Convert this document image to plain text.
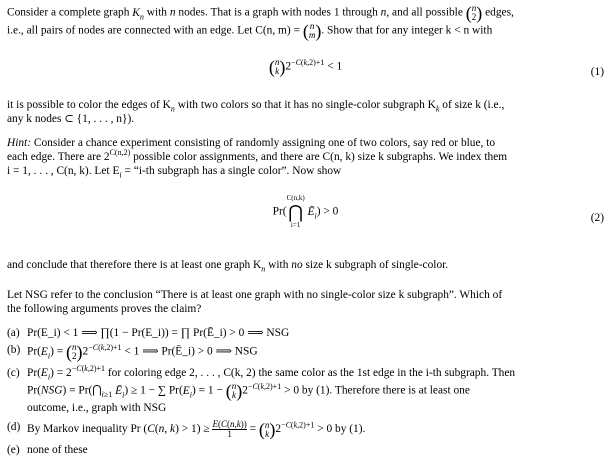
Consider a complete graph $K_n$ with n nodes. That is a graph with nodes 1 through n, and all possible ( n
2 ) edges,
i.e., all pairs of nodes are connected with an edge. Let C(n, m) = ( n
m ). Show that for any integer k < n with
( n
k )$2^{-C(k,2)+1} < 1$	(1)
it is possible to color the edges of $K_n$ with two colors so that it has no single-color subgraph $K_k$ of size k (i.e.,
any k nodes ⊂ {1, . . . , n}).
Hint: Consider a chance experiment consisting of randomly assigning one of two colors, say red or blue, to
each edge. There are $2^{C(n,2)}$ possible color assignments, and there are C(n, k) size k subgraphs. We index them
i = 1, . . . , C(n, k). Let $E_i$ = “i-th subgraph has a single color”. Now show
Pr(
C(n,k)
⋂
i=1
$Ē_i) > 0$
(2)
and conclude that therefore there is at least one graph $K_n$ with no size k subgraph of single-color.
Let NSG refer to the conclusion “There is at least one graph with no single-color size k subgraph”. Which of
the following arguments proves the claim?
(a) Pr(E_i) < 1 ⟹ ∏(1 − Pr(E_i)) = ∏ Pr(Ē_i) > 0 ⟹ NSG
(b) $Pr(E_i)$ = ( n
2 )$2^{-C(k,2)+1} < 1$ ⟹ Pr(Ē_i) > 0 ⟹ NSG
(c) $Pr(E_i) = 2^{-C(k,2)+1}$ for coloring edge 2, . . . , C(k, 2) the same color as the 1st edge in the i-th subgraph. Then
$Pr(NSG) = Pr(⋂_{i\ge 1}$ $Ē_i) \ge 1$ − ∑ $Pr(E_i) = 1$ − ( n
k )$2^{-C(k,2)+1} > 0$ by (1). Therefore there is at least one
outcome, i.e., graph with NSG
(d) By Markov inequality Pr (C(n, $k) > 1) \ge \frac{E(C(n,k))}{1}$ = ( n
k )$2^{-C(k,2)+1} > 0$ by (1).
(e) none of these
